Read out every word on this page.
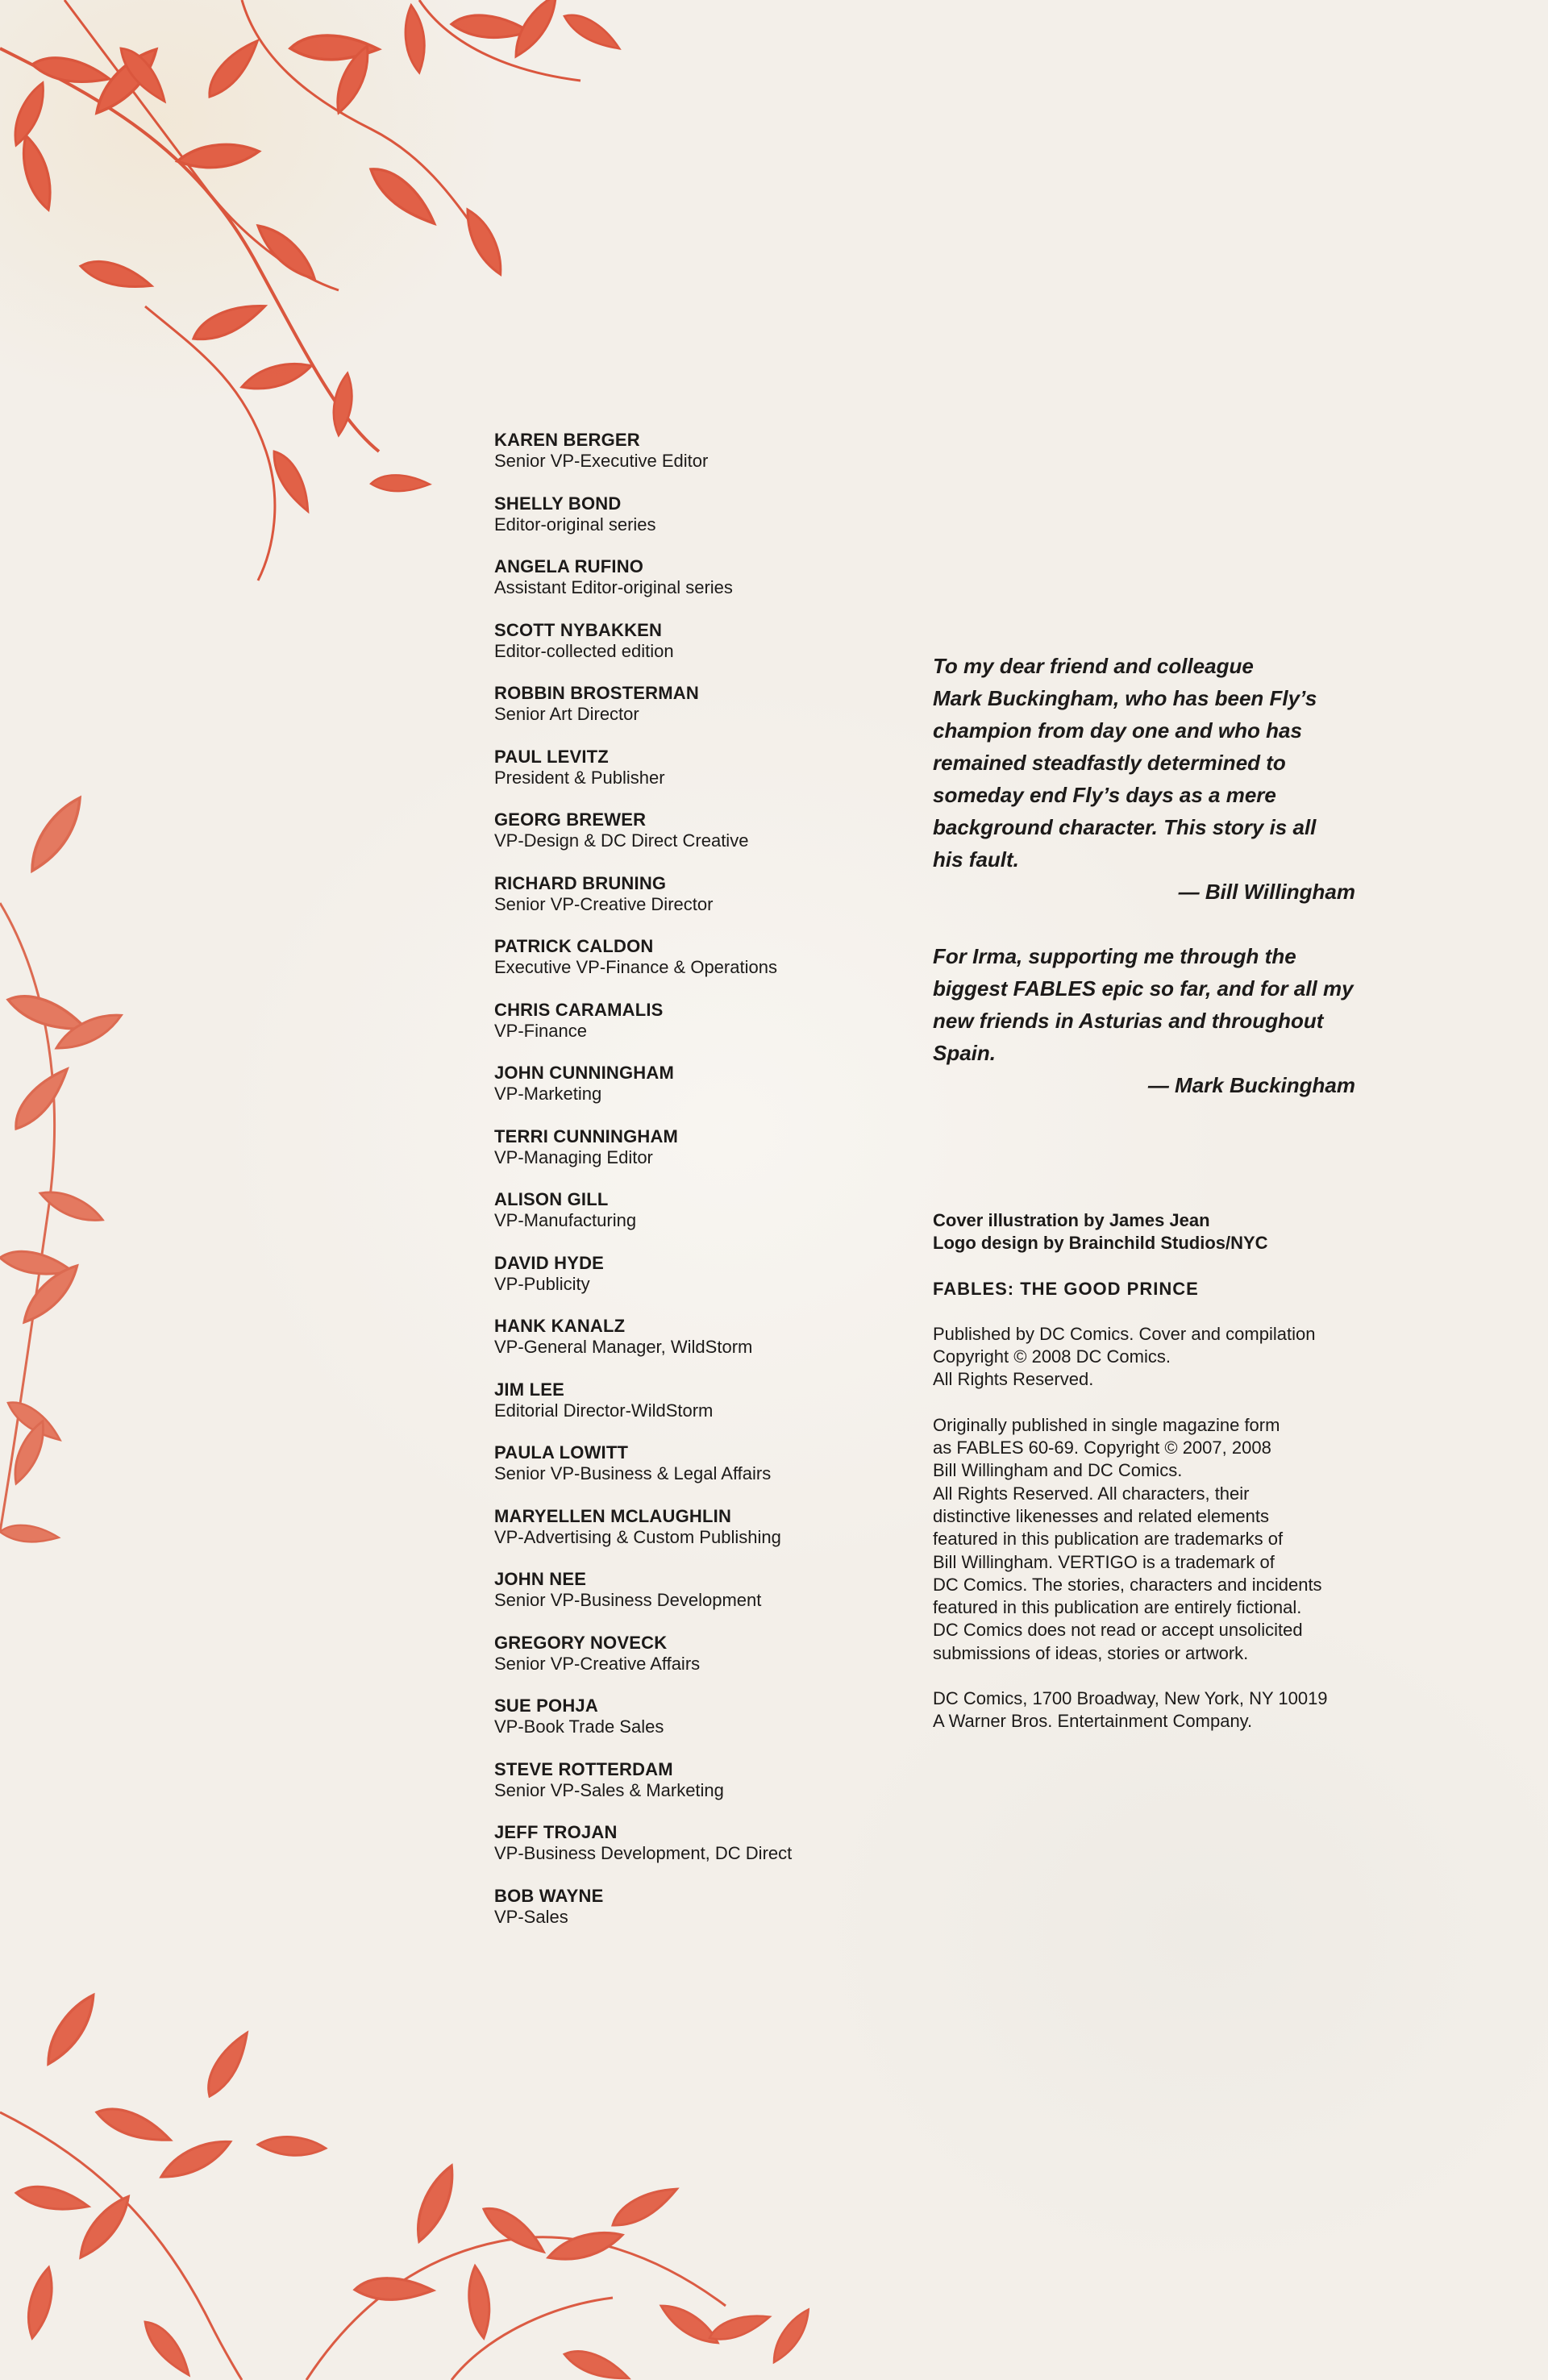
KAREN BERGER
Senior VP-Executive Editor
SHELLY BOND
Editor-original series
ANGELA RUFINO
Assistant Editor-original series
SCOTT NYBAKKEN
Editor-collected edition
ROBBIN BROSTERMAN
Senior Art Director
PAUL LEVITZ
President & Publisher
GEORG BREWER
VP-Design & DC Direct Creative
RICHARD BRUNING
Senior VP-Creative Director
PATRICK CALDON
Executive VP-Finance & Operations
CHRIS CARAMALIS
VP-Finance
JOHN CUNNINGHAM
VP-Marketing
TERRI CUNNINGHAM
VP-Managing Editor
ALISON GILL
VP-Manufacturing
DAVID HYDE
VP-Publicity
HANK KANALZ
VP-General Manager, WildStorm
JIM LEE
Editorial Director-WildStorm
PAULA LOWITT
Senior VP-Business & Legal Affairs
MARYELLEN MCLAUGHLIN
VP-Advertising & Custom Publishing
JOHN NEE
Senior VP-Business Development
GREGORY NOVECK
Senior VP-Creative Affairs
SUE POHJA
VP-Book Trade Sales
STEVE ROTTERDAM
Senior VP-Sales & Marketing
JEFF TROJAN
VP-Business Development, DC Direct
BOB WAYNE
VP-Sales
To my dear friend and colleague
Mark Buckingham, who has been Fly’s
champion from day one and who has
remained steadfastly determined to
someday end Fly’s days as a mere
background character. This story is all
his fault.
— Bill Willingham
For Irma, supporting me through the
biggest FABLES epic so far, and for all my
new friends in Asturias and throughout
Spain.
— Mark Buckingham
Cover illustration by James Jean
Logo design by Brainchild Studios/NYC
FABLES: THE GOOD PRINCE
Published by DC Comics. Cover and compilation
Copyright © 2008 DC Comics.
All Rights Reserved.
Originally published in single magazine form
as FABLES 60-69. Copyright © 2007, 2008
Bill Willingham and DC Comics.
All Rights Reserved. All characters, their
distinctive likenesses and related elements
featured in this publication are trademarks of
Bill Willingham. VERTIGO is a trademark of
DC Comics. The stories, characters and incidents
featured in this publication are entirely fictional.
DC Comics does not read or accept unsolicited
submissions of ideas, stories or artwork.
DC Comics, 1700 Broadway, New York, NY 10019
A Warner Bros. Entertainment Company.
